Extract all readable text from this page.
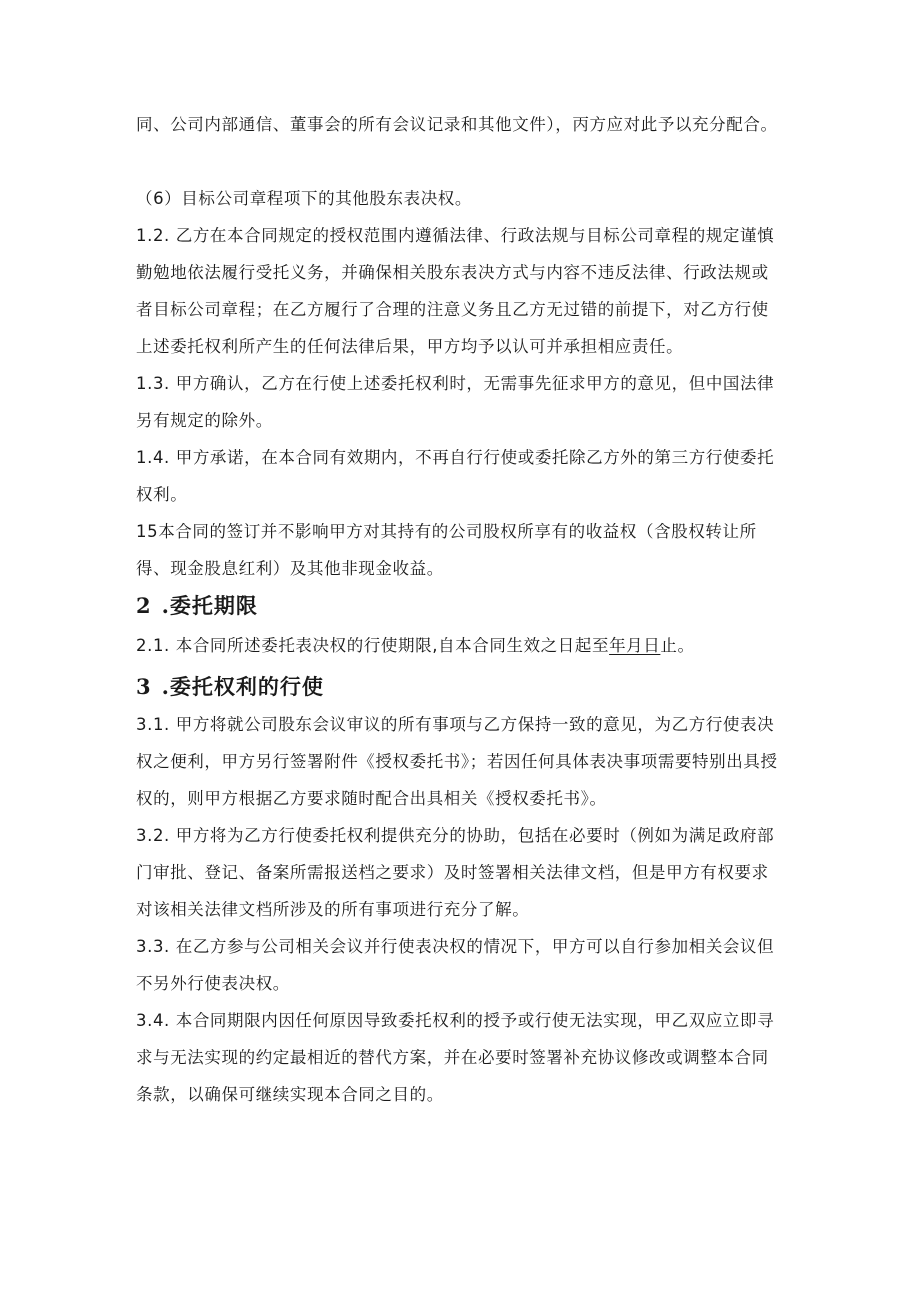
同、公司内部通信、董事会的所有会议记录和其他文件），丙方应对此予以充分配合。

（6）目标公司章程项下的其他股东表决权。

1.2. 乙方在本合同规定的授权范围内遵循法律、行政法规与目标公司章程的规定谨慎勤勉地依法履行受托义务，并确保相关股东表决方式与内容不违反法律、行政法规或者目标公司章程；在乙方履行了合理的注意义务且乙方无过错的前提下，对乙方行使上述委托权利所产生的任何法律后果，甲方均予以认可并承担相应责任。

1.3. 甲方确认，乙方在行使上述委托权利时，无需事先征求甲方的意见，但中国法律另有规定的除外。

1.4. 甲方承诺，在本合同有效期内，不再自行行使或委托除乙方外的第三方行使委托权利。

15本合同的签订并不影响甲方对其持有的公司股权所享有的收益权（含股权转让所得、现金股息红利）及其他非现金收益。

2 .委托期限

2.1. 本合同所述委托表决权的行使期限,自本合同生效之日起至年月日止。

3 .委托权利的行使

3.1. 甲方将就公司股东会议审议的所有事项与乙方保持一致的意见，为乙方行使表决权之便利，甲方另行签署附件《授权委托书》；若因任何具体表决事项需要特别出具授权的，则甲方根据乙方要求随时配合出具相关《授权委托书》。

3.2. 甲方将为乙方行使委托权利提供充分的协助，包括在必要时（例如为满足政府部门审批、登记、备案所需报送档之要求）及时签署相关法律文档，但是甲方有权要求对该相关法律文档所涉及的所有事项进行充分了解。

3.3. 在乙方参与公司相关会议并行使表决权的情况下，甲方可以自行参加相关会议但不另外行使表决权。

3.4. 本合同期限内因任何原因导致委托权利的授予或行使无法实现，甲乙双应立即寻求与无法实现的约定最相近的替代方案，并在必要时签署补充协议修改或调整本合同条款，以确保可继续实现本合同之目的。
